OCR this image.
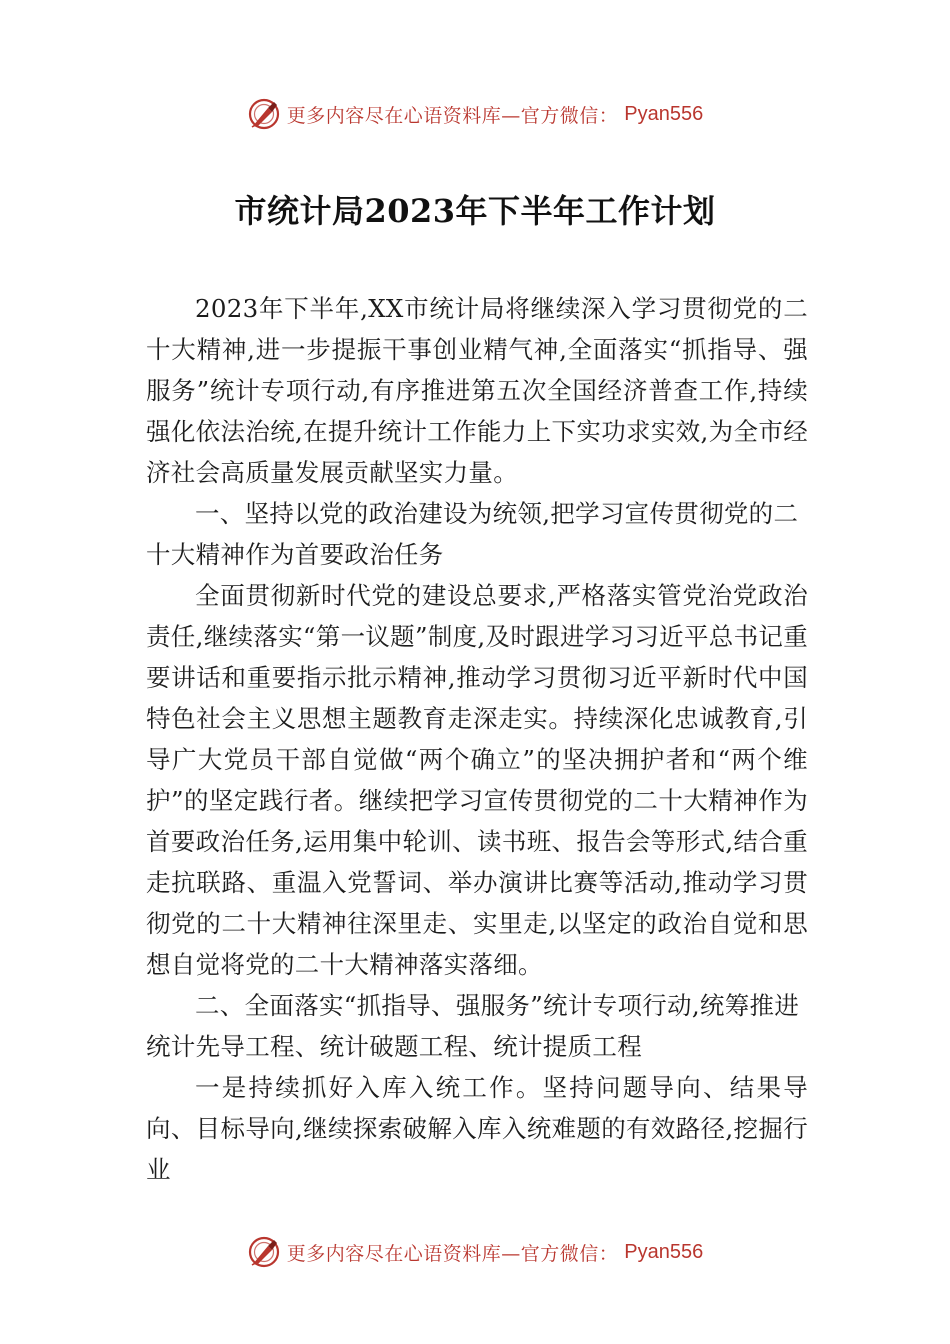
更多内容尽在心语资料库—官方微信： Pyan556
市统计局2023年下半年工作计划

2023年下半年,XX市统计局将继续深入学习贯彻党的二十大精神,进一步提振干事创业精气神,全面落实“抓指导、强服务”统计专项行动,有序推进第五次全国经济普查工作,持续强化依法治统,在提升统计工作能力上下实功求实效,为全市经济社会高质量发展贡献坚实力量。

一、坚持以党的政治建设为统领,把学习宣传贯彻党的二十大精神作为首要政治任务

全面贯彻新时代党的建设总要求,严格落实管党治党政治责任,继续落实“第一议题”制度,及时跟进学习习近平总书记重要讲话和重要指示批示精神,推动学习贯彻习近平新时代中国特色社会主义思想主题教育走深走实。持续深化忠诚教育,引导广大党员干部自觉做“两个确立”的坚决拥护者和“两个维护”的坚定践行者。继续把学习宣传贯彻党的二十大精神作为首要政治任务,运用集中轮训、读书班、报告会等形式,结合重走抗联路、重温入党誓词、举办演讲比赛等活动,推动学习贯彻党的二十大精神往深里走、实里走,以坚定的政治自觉和思想自觉将党的二十大精神落实落细。

二、全面落实“抓指导、强服务”统计专项行动,统筹推进统计先导工程、统计破题工程、统计提质工程

一是持续抓好入库入统工作。坚持问题导向、结果导向、目标导向,继续探索破解入库入统难题的有效路径,挖掘行业

更多内容尽在心语资料库—官方微信： Pyan556
